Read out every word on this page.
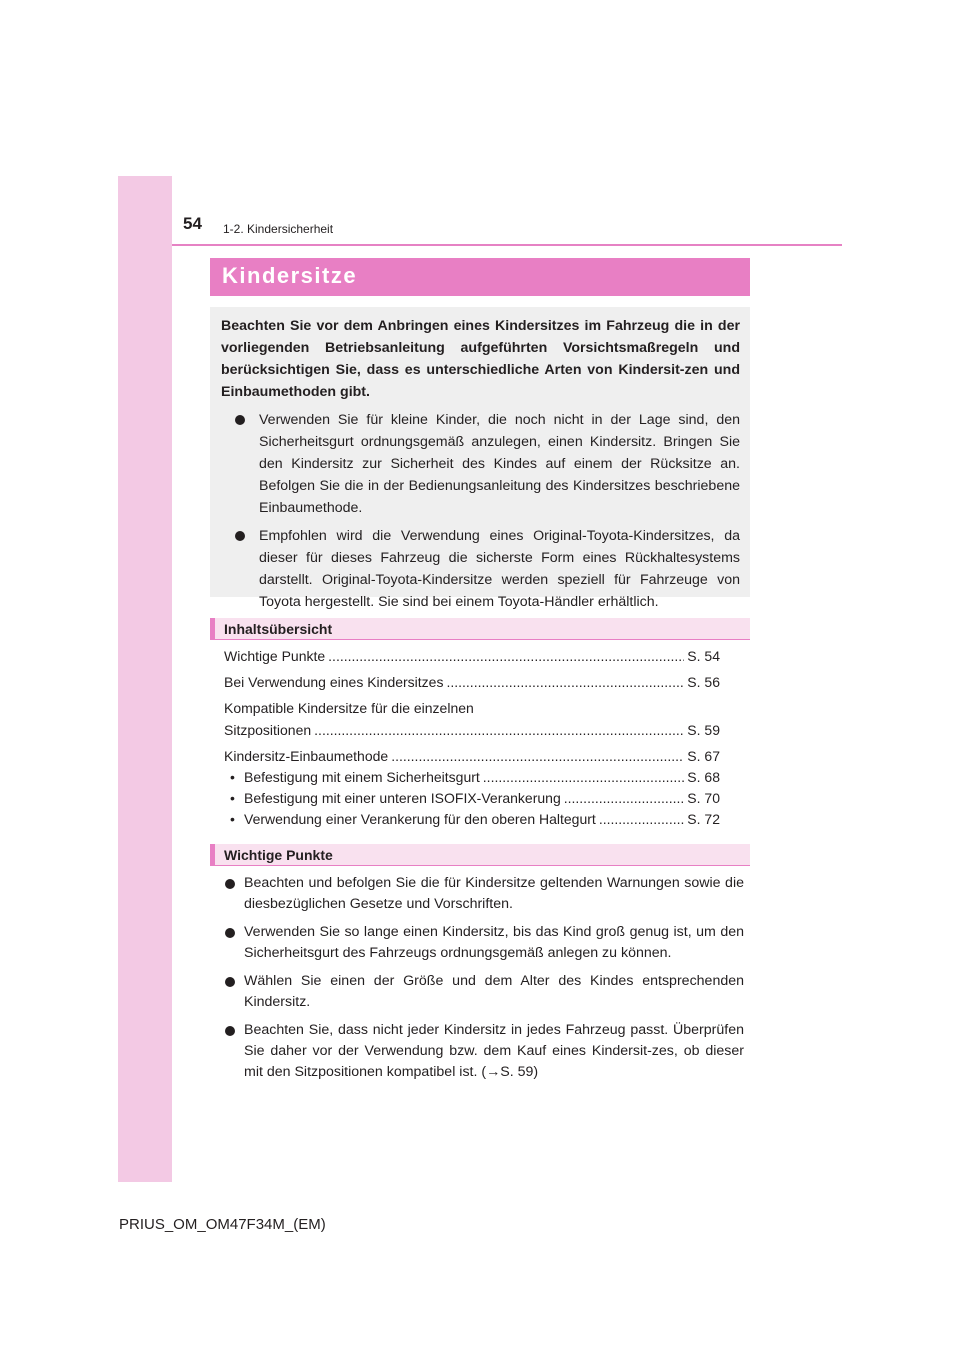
54 1-2. Kindersicherheit
Kindersitze

Beachten Sie vor dem Anbringen eines Kindersitzes im Fahrzeug die in der vorliegenden Betriebsanleitung aufgeführten Vorsichtsmaßregeln und berücksichtigen Sie, dass es unterschiedliche Arten von Kindersit-zen und Einbaumethoden gibt.

Verwenden Sie für kleine Kinder, die noch nicht in der Lage sind, den Sicherheitsgurt ordnungsgemäß anzulegen, einen Kindersitz. Bringen Sie den Kindersitz zur Sicherheit des Kindes auf einem der Rücksitze an. Befolgen Sie die in der Bedienungsanleitung des Kindersitzes beschriebene Einbaumethode.

Empfohlen wird die Verwendung eines Original-Toyota-Kindersitzes, da dieser für dieses Fahrzeug die sicherste Form eines Rückhaltesystems darstellt. Original-Toyota-Kindersitze werden speziell für Fahrzeuge von Toyota hergestellt. Sie sind bei einem Toyota-Händler erhältlich.

Inhaltsübersicht
Wichtige Punkte .....	S. 54
Bei Verwendung eines Kindersitzes .....	S. 56
Kompatible Kindersitze für die einzelnen
Sitzpositionen .....	S. 59
Kindersitz-Einbaumethode .....	S. 67
• Befestigung mit einem Sicherheitsgurt .....	S. 68
• Befestigung mit einer unteren ISOFIX-Verankerung .....	S. 70
• Verwendung einer Verankerung für den oberen Haltegurt .....	S. 72
Wichtige Punkte

Beachten und befolgen Sie die für Kindersitze geltenden Warnungen sowie die diesbezüglichen Gesetze und Vorschriften.

Verwenden Sie so lange einen Kindersitz, bis das Kind groß genug ist, um den Sicherheitsgurt des Fahrzeugs ordnungsgemäß anlegen zu können.

Wählen Sie einen der Größe und dem Alter des Kindes entsprechenden Kindersitz.

Beachten Sie, dass nicht jeder Kindersitz in jedes Fahrzeug passt. Überprüfen Sie daher vor der Verwendung bzw. dem Kauf eines Kindersit-zes, ob dieser mit den Sitzpositionen kompatibel ist. (→S. 59)

PRIUS_OM_OM47F34M_(EM)
